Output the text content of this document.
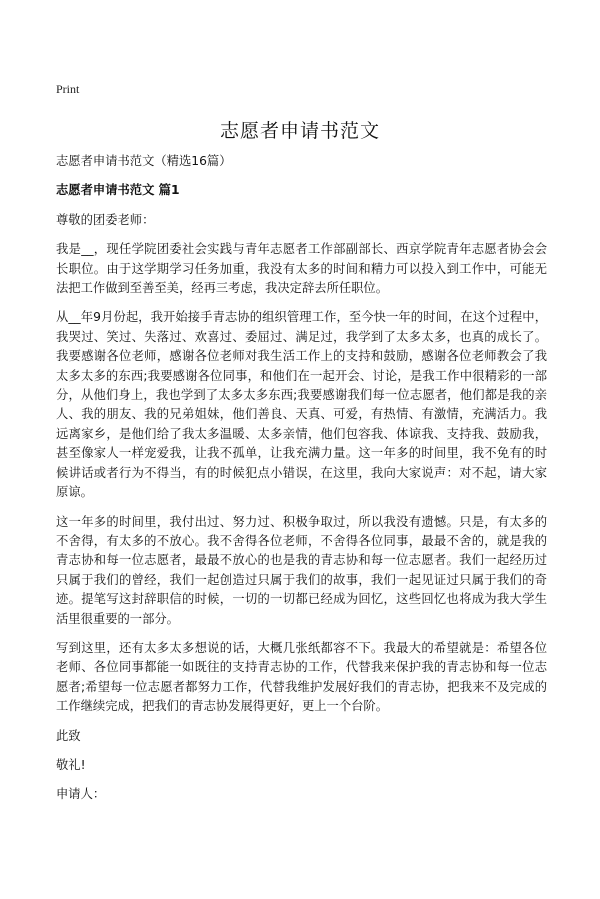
Print
志愿者申请书范文

志愿者申请书范文（精选16篇）

志愿者申请书范文 篇1

尊敬的团委老师：

我是__，现任学院团委社会实践与青年志愿者工作部副部长、西京学院青年志愿者协会会长职位。由于这学期学习任务加重，我没有太多的时间和精力可以投入到工作中，可能无法把工作做到至善至美，经再三考虑，我决定辞去所任职位。

从__年9月份起，我开始接手青志协的组织管理工作，至今快一年的时间，在这个过程中，我哭过、笑过、失落过、欢喜过、委屈过、满足过，我学到了太多太多，也真的成长了。我要感谢各位老师，感谢各位老师对我生活工作上的支持和鼓励，感谢各位老师教会了我太多太多的东西;我要感谢各位同事，和他们在一起开会、讨论，是我工作中很精彩的一部分，从他们身上，我也学到了太多太多东西;我要感谢我们每一位志愿者，他们都是我的亲人、我的朋友、我的兄弟姐妹，他们善良、天真、可爱，有热情、有激情，充满活力。我远离家乡，是他们给了我太多温暖、太多亲情，他们包容我、体谅我、支持我、鼓励我，甚至像家人一样宠爱我，让我不孤单，让我充满力量。这一年多的时间里，我不免有的时候讲话或者行为不得当，有的时候犯点小错误，在这里，我向大家说声：对不起，请大家原谅。

这一年多的时间里，我付出过、努力过、积极争取过，所以我没有遗憾。只是，有太多的不舍得，有太多的不放心。我不舍得各位老师，不舍得各位同事，最最不舍的，就是我的青志协和每一位志愿者，最最不放心的也是我的青志协和每一位志愿者。我们一起经历过只属于我们的曾经，我们一起创造过只属于我们的故事，我们一起见证过只属于我们的奇迹。提笔写这封辞职信的时候，一切的一切都已经成为回忆，这些回忆也将成为我大学生活里很重要的一部分。

写到这里，还有太多太多想说的话，大概几张纸都容不下。我最大的希望就是：希望各位老师、各位同事都能一如既往的支持青志协的工作，代替我来保护我的青志协和每一位志愿者;希望每一位志愿者都努力工作，代替我维护发展好我们的青志协，把我来不及完成的工作继续完成，把我们的青志协发展得更好，更上一个台阶。

此致

敬礼!

申请人：
